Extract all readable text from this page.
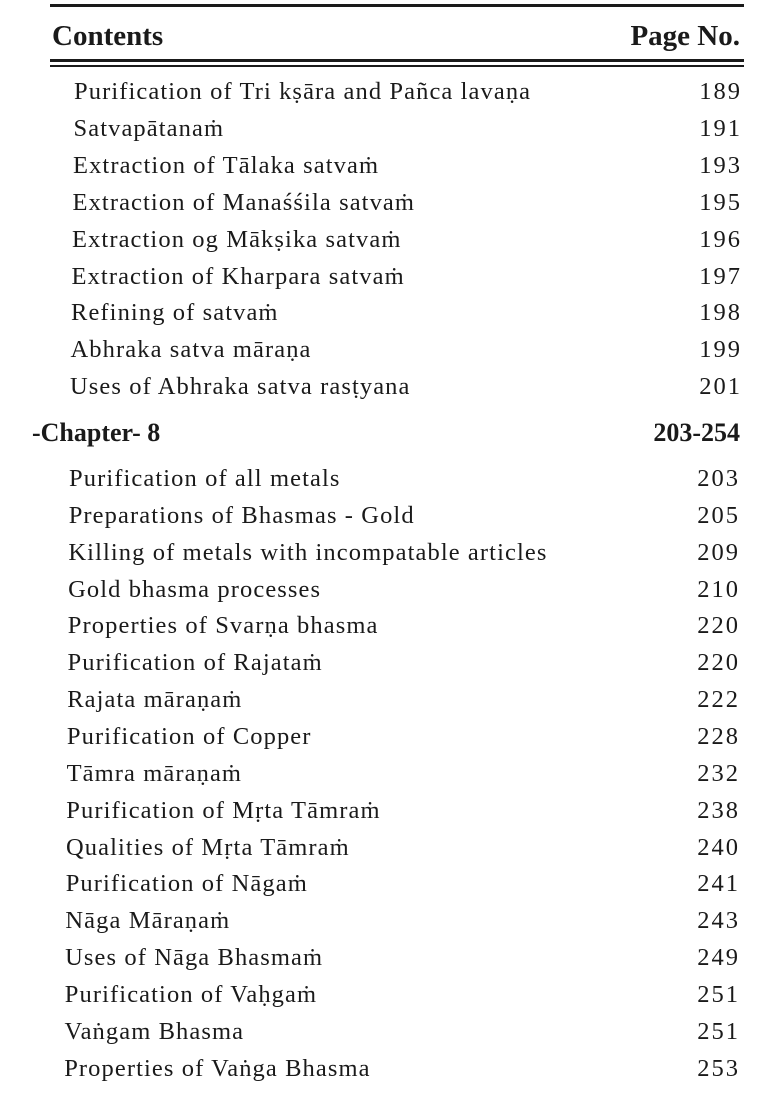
Contents	Page No.
Purification of Tri kṣāra and Pañca lavaṇa	189
Satvapātanaṁ	191
Extraction of Tālaka satvaṁ	193
Extraction of Manaśśila satvaṁ	195
Extraction og Mākṣika satvaṁ	196
Extraction of Kharpara satvaṁ	197
Refining of satvaṁ	198
Abhraka satva māraṇa	199
Uses of Abhraka satva rasṭyana	201
-Chapter- 8	203-254
Purification of all metals	203
Preparations of Bhasmas - Gold	205
Killing of metals with incompatable articles	209
Gold bhasma processes	210
Properties of Svarṇa bhasma	220
Purification of Rajataṁ	220
Rajata māraṇaṁ	222
Purification of Copper	228
Tāmra māraṇaṁ	232
Purification of Mṛta Tāmraṁ	238
Qualities of Mṛta Tāmraṁ	240
Purification of Nāgaṁ	241
Nāga Māraṇaṁ	243
Uses of Nāga Bhasmaṁ	249
Purification of Vaḥgaṁ	251
Vaṅgam Bhasma	251
Properties of Vaṅga Bhasma	253
